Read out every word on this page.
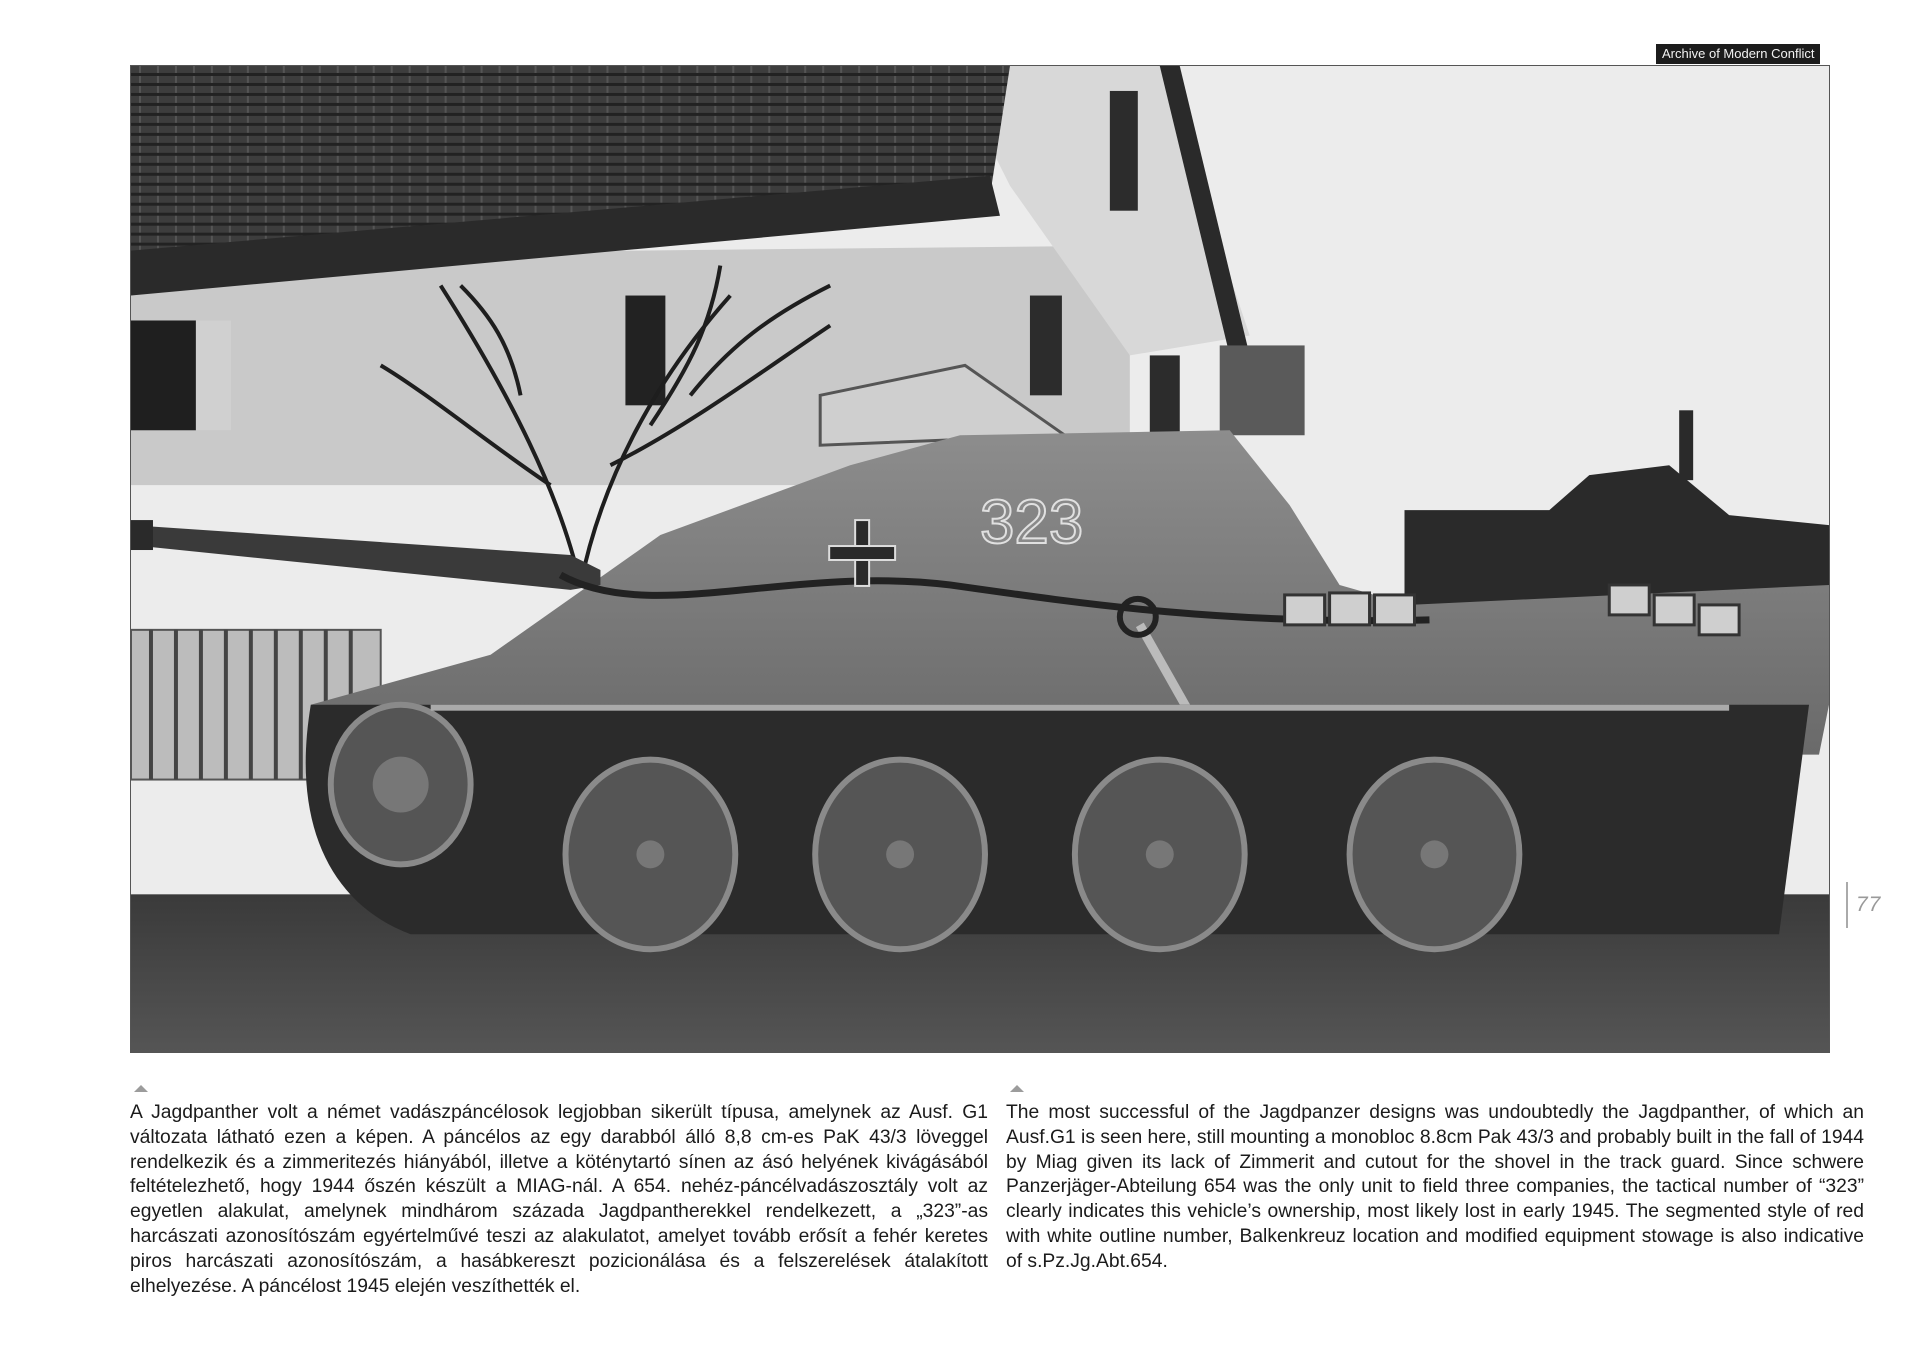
Archive of Modern Conflict
323
77

A Jagdpanther volt a német vadászpáncélosok legjobban sikerült típusa, amelynek az Ausf. G1 változata látható ezen a képen. A páncélos az egy darabból álló 8,8 cm-es PaK 43/3 löveggel rendelkezik és a zimmeritezés hiányából, illetve a köténytartó sínen az ásó helyének kivágásából feltételezhető, hogy 1944 őszén készült a MIAG-nál. A 654. nehéz-páncélvadászosztály volt az egyetlen alakulat, amelynek mindhárom százada Jagdpantherekkel rendelkezett, a „323”-as harcászati azonosítószám egyértelművé teszi az alakulatot, amelyet tovább erősít a fehér keretes piros harcászati azonosítószám, a hasábkereszt pozicionálása és a felszerelések átalakított elhelyezése. A páncélost 1945 elején veszíthették el.

The most successful of the Jagdpanzer designs was undoubtedly the Jagdpanther, of which an Ausf.G1 is seen here, still mounting a monobloc 8.8cm Pak 43/3 and probably built in the fall of 1944 by Miag given its lack of Zimmerit and cutout for the shovel in the track guard. Since schwere Panzerjäger-Abteilung 654 was the only unit to field three companies, the tactical number of “323” clearly indicates this vehicle’s ownership, most likely lost in early 1945. The segmented style of red with white outline number, Balkenkreuz location and modified equipment stowage is also indicative of s.Pz.Jg.Abt.654.
